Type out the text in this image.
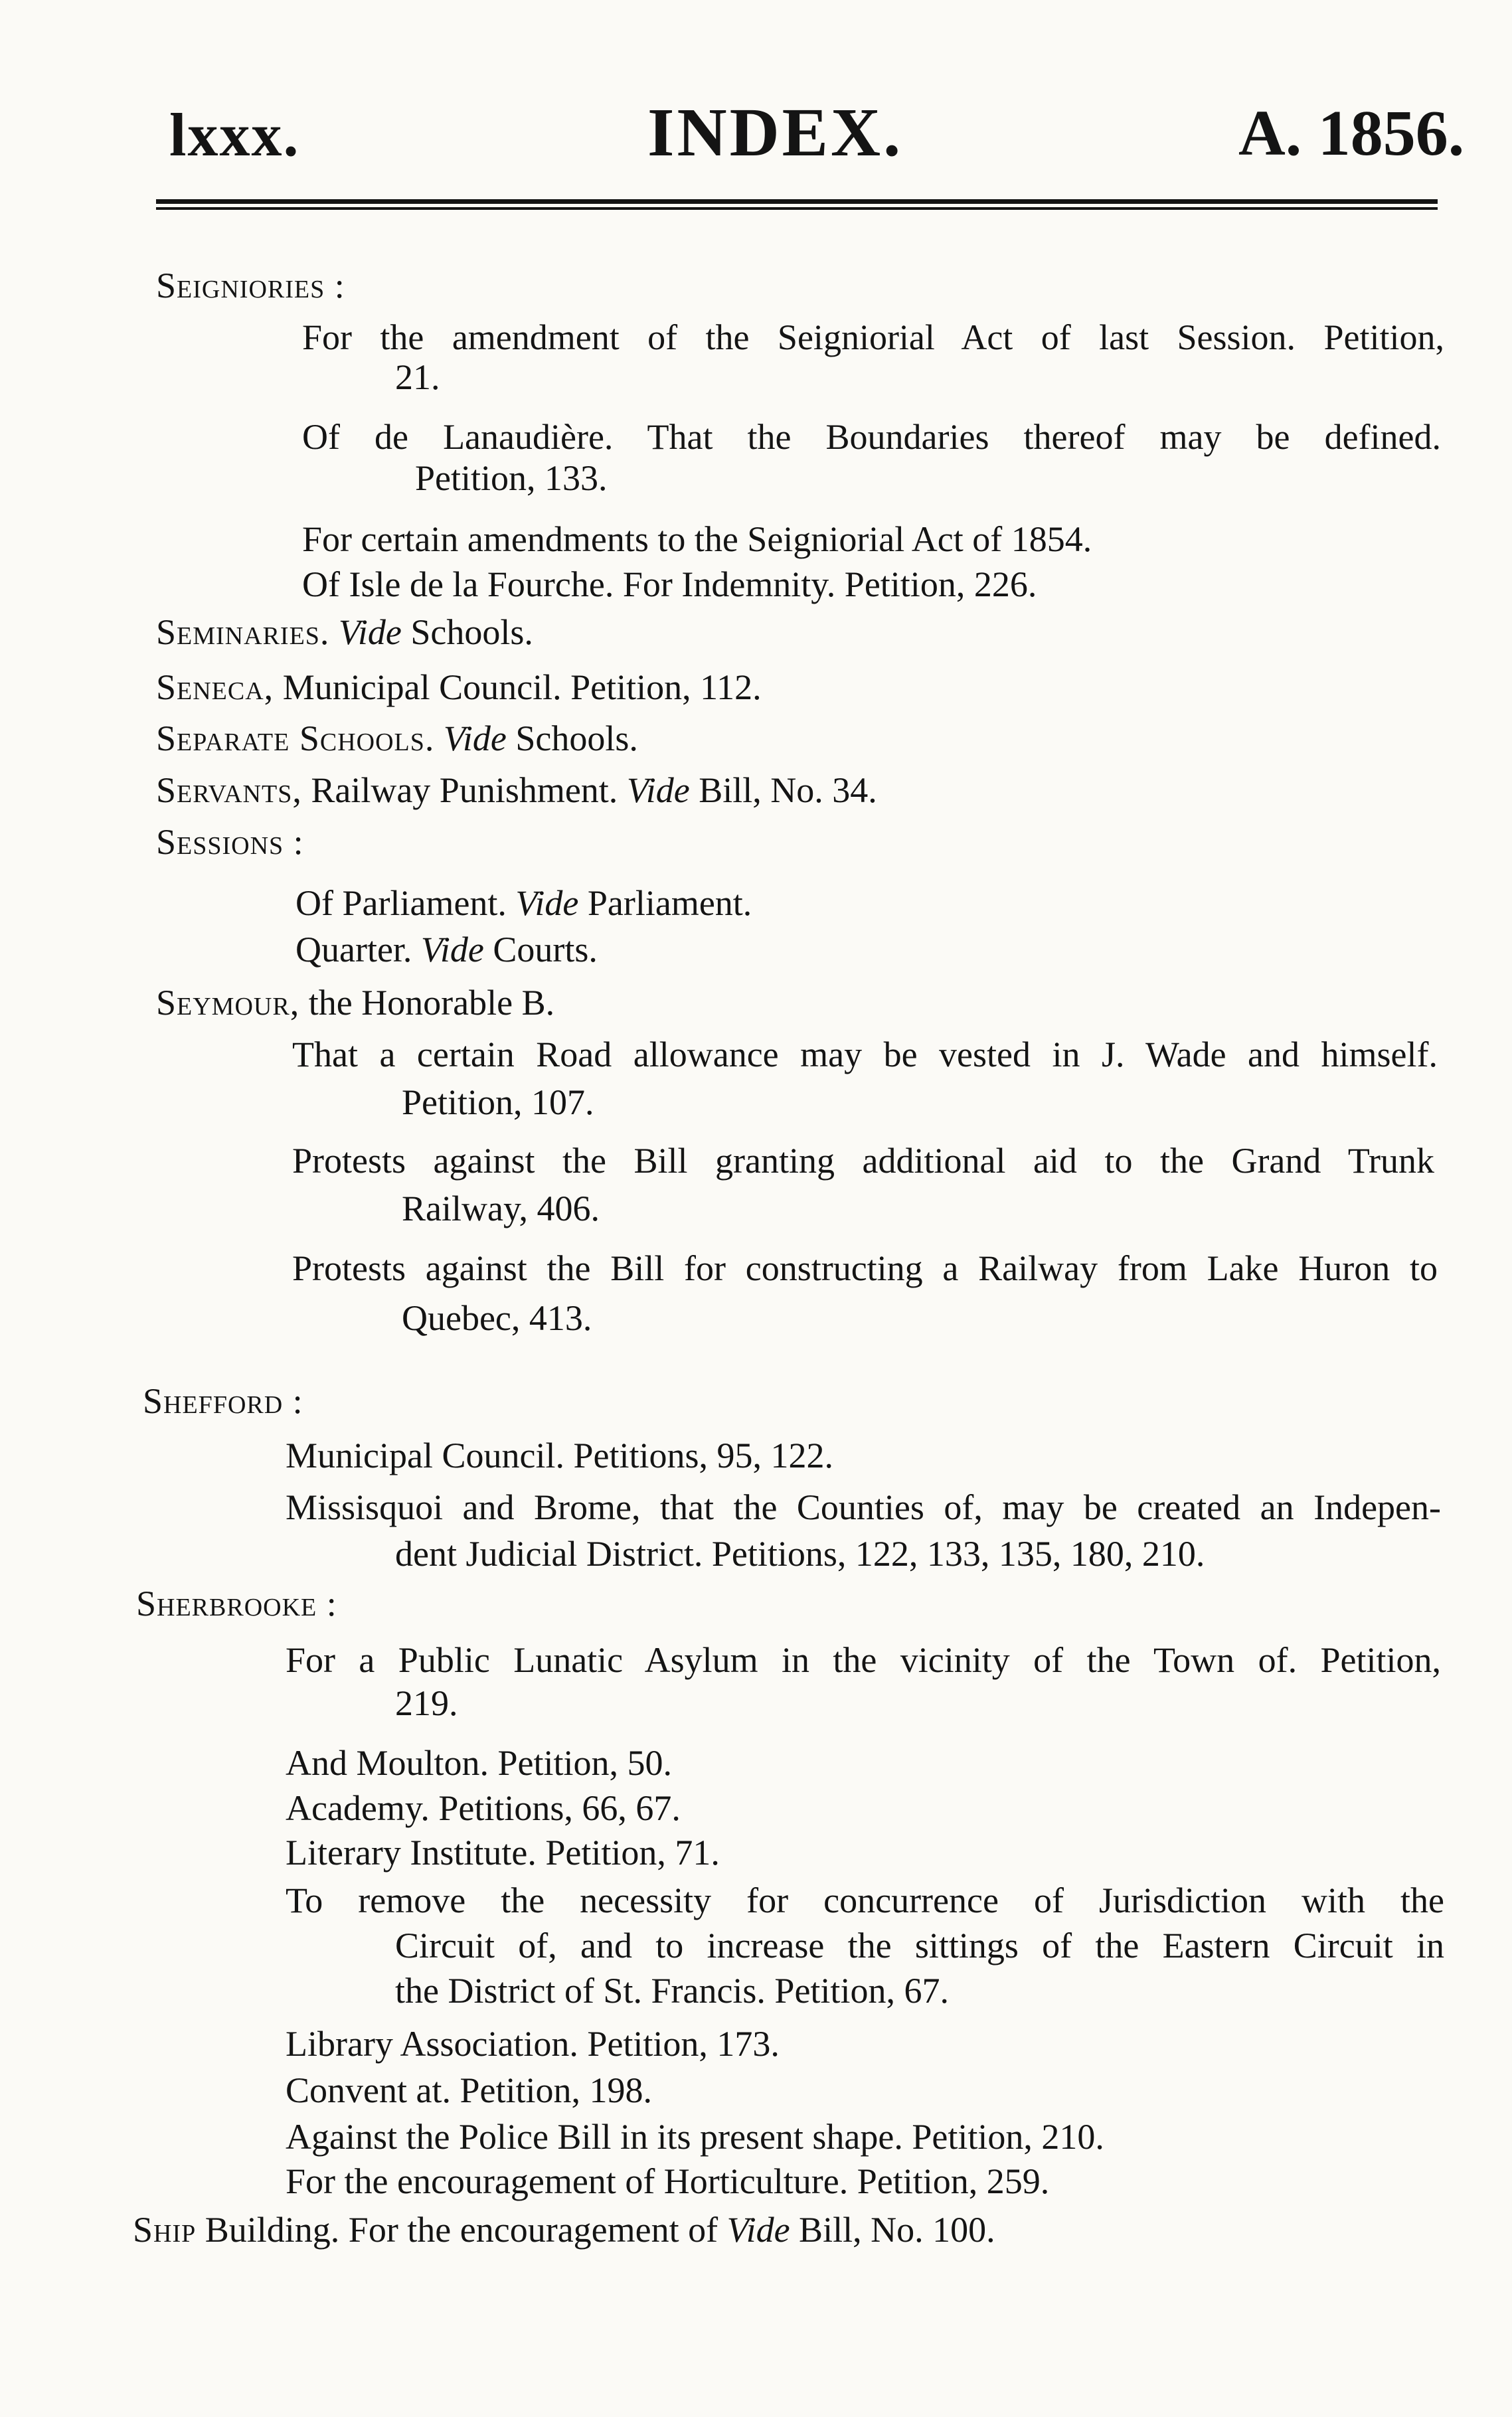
lxxx.	INDEX.	A. 1856.
Seigniories :
For the amendment of the Seigniorial Act of last Session. Petition,
21.
Of de Lanaudière. That the Boundaries thereof may be defined.
Petition, 133.
For certain amendments to the Seigniorial Act of 1854.
Of Isle de la Fourche. For Indemnity. Petition, 226.
Seminaries. Vide Schools.
Seneca, Municipal Council. Petition, 112.
Separate Schools. Vide Schools.
Servants, Railway Punishment. Vide Bill, No. 34.
Sessions :
Of Parliament. Vide Parliament.
Quarter. Vide Courts.
Seymour, the Honorable B.
That a certain Road allowance may be vested in J. Wade and himself.
Petition, 107.
Protests against the Bill granting additional aid to the Grand Trunk
Railway, 406.
Protests against the Bill for constructing a Railway from Lake Huron to
Quebec, 413.
Shefford :
Municipal Council. Petitions, 95, 122.
Missisquoi and Brome, that the Counties of, may be created an Indepen-
dent Judicial District. Petitions, 122, 133, 135, 180, 210.
Sherbrooke :
For a Public Lunatic Asylum in the vicinity of the Town of. Petition,
219.
And Moulton. Petition, 50.
Academy. Petitions, 66, 67.
Literary Institute. Petition, 71.
To remove the necessity for concurrence of Jurisdiction with the
Circuit of, and to increase the sittings of the Eastern Circuit in
the District of St. Francis. Petition, 67.
Library Association. Petition, 173.
Convent at. Petition, 198.
Against the Police Bill in its present shape. Petition, 210.
For the encouragement of Horticulture. Petition, 259.
Ship Building. For the encouragement of Vide Bill, No. 100.
